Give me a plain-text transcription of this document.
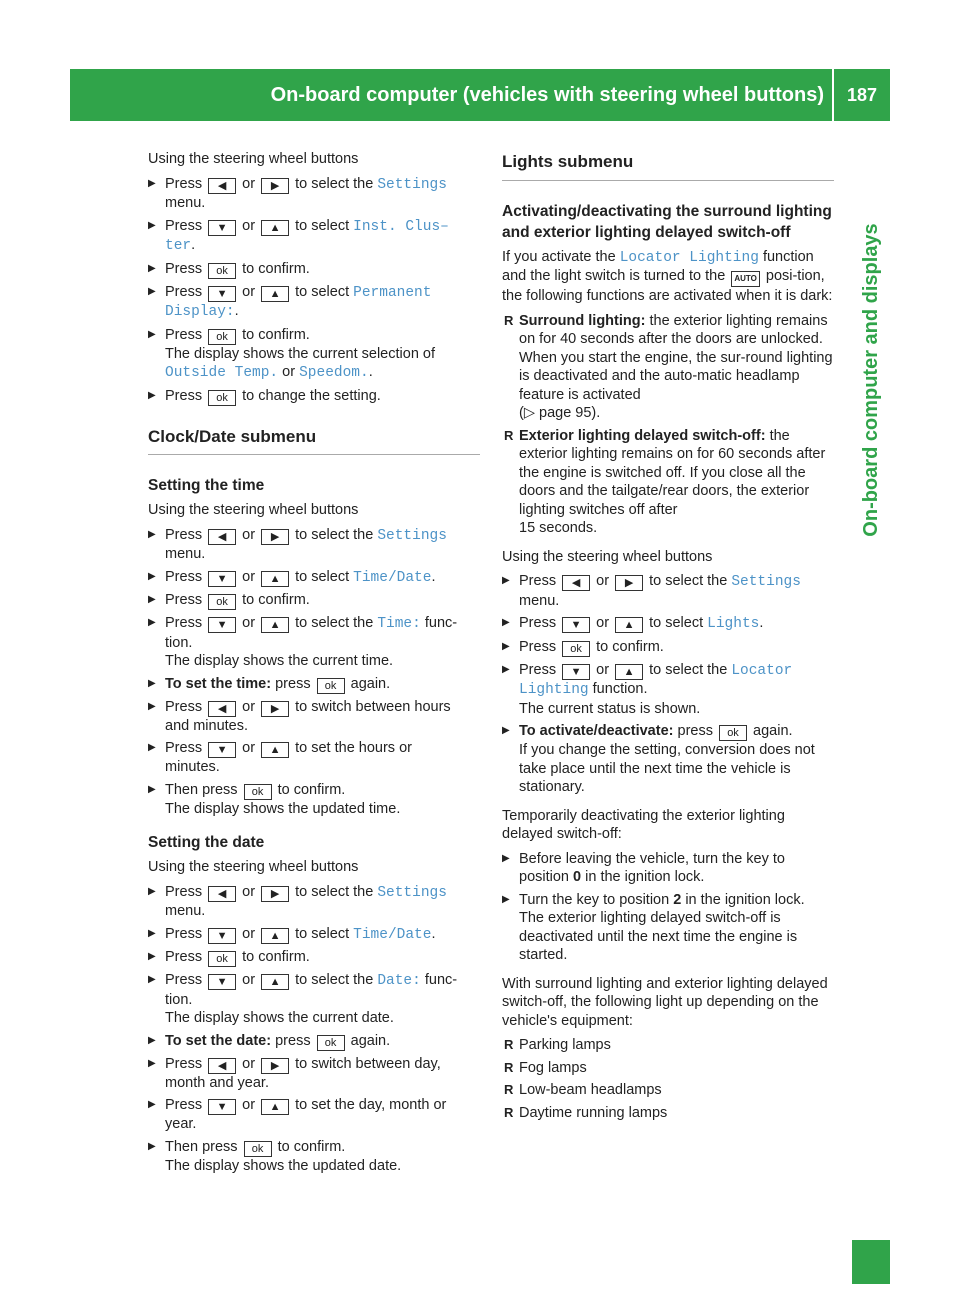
On-board computer (vehicles with steering wheel buttons)	187
On-board computer and displays

Using the steering wheel buttons

▶ Press ◀ or ▶ to select the Settings
menu.
▶ Press ▼ or ▲ to select Inst. Clus–
ter.
▶ Press ok to confirm.
▶ Press ▼ or ▲ to select Permanent
Display:.
▶ Press ok to confirm.
The display shows the current selection of
Outside Temp. or Speedom..
▶ Press ok to change the setting.
Clock/Date submenu
Setting the time

Using the steering wheel buttons

▶ Press ◀ or ▶ to select the Settings
menu.
▶ Press ▼ or ▲ to select Time/Date.
▶ Press ok to confirm.
▶ Press ▼ or ▲ to select the Time: func-
tion.
The display shows the current time.
▶ To set the time: press ok again.
▶ Press ◀ or ▶ to switch between hours
and minutes.
▶ Press ▼ or ▲ to set the hours or
minutes.
▶ Then press ok to confirm.
The display shows the updated time.
Setting the date

Using the steering wheel buttons

▶ Press ◀ or ▶ to select the Settings
menu.
▶ Press ▼ or ▲ to select Time/Date.
▶ Press ok to confirm.
▶ Press ▼ or ▲ to select the Date: func-
tion.
The display shows the current date.
▶ To set the date: press ok again.
▶ Press ◀ or ▶ to switch between day,
month and year.
▶ Press ▼ or ▲ to set the day, month or
year.
▶ Then press ok to confirm.
The display shows the updated date.
Lights submenu
Activating/deactivating the surround lighting and exterior lighting delayed switch-off

If you activate the Locator Lighting function and the light switch is turned to the AUTO posi-tion, the following functions are activated when it is dark:

R Surround lighting: the exterior lighting remains on for 40 seconds after the doors are unlocked. When you start the engine, the sur-round lighting is deactivated and the auto-matic headlamp feature is activated
(▷ page 95).
R Exterior lighting delayed switch-off: the exterior lighting remains on for 60 seconds after the engine is switched off. If you close all the doors and the tailgate/rear doors, the exterior lighting switches off after
15 seconds.

Using the steering wheel buttons

▶ Press ◀ or ▶ to select the Settings
menu.
▶ Press ▼ or ▲ to select Lights.
▶ Press ok to confirm.
▶ Press ▼ or ▲ to select the Locator
Lighting function.
The current status is shown.
▶ To activate/deactivate: press ok again.
If you change the setting, conversion does not take place until the next time the vehicle is stationary.

Temporarily deactivating the exterior lighting delayed switch-off:

▶ Before leaving the vehicle, turn the key to position 0 in the ignition lock.
▶ Turn the key to position 2 in the ignition lock.
The exterior lighting delayed switch-off is deactivated until the next time the engine is started.

With surround lighting and exterior lighting delayed switch-off, the following light up depending on the vehicle's equipment:

R Parking lamps
R Fog lamps
R Low-beam headlamps
R Daytime running lamps
